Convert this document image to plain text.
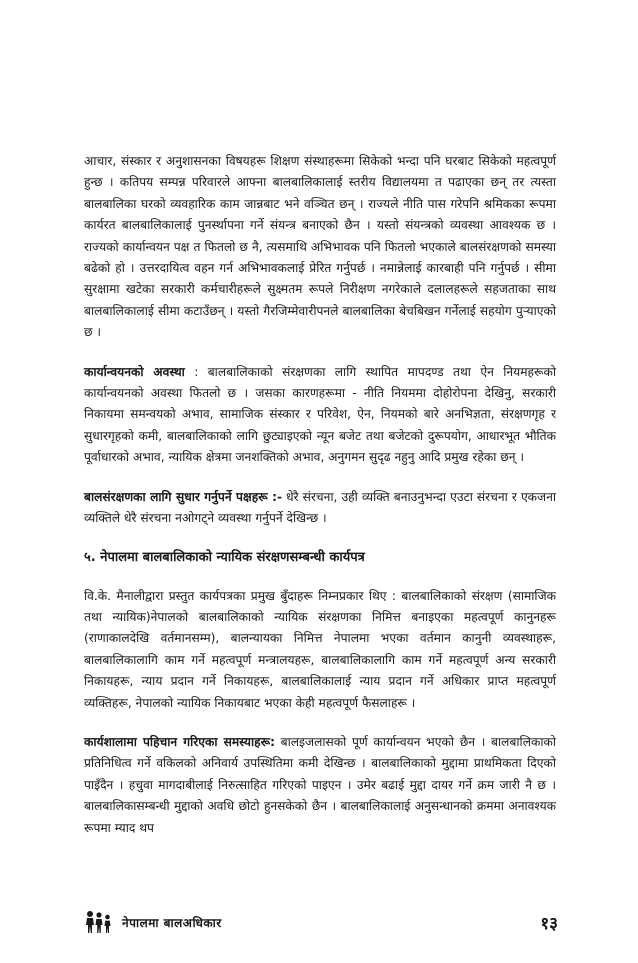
आचार, संस्कार र अनुशासनका विषयहरू शिक्षण संस्थाहरूमा सिकेको भन्दा पनि घरबाट सिकेको महत्वपूर्ण हुन्छ । कतिपय सम्पन्न परिवारले आफ्ना बालबालिकालाई स्तरीय विद्यालयमा त पढाएका छन् तर त्यस्ता बालबालिका घरको व्यवहारिक काम जान्नबाट भने वञ्चित छन् । राज्यले नीति पास गरेपनि श्रमिकका रूपमा कार्यरत बालबालिकालाई पुनर्स्थापना गर्ने संयन्त्र बनाएको छैन । यस्तो संयन्त्रको व्यवस्था आवश्यक छ । राज्यको कार्यान्वयन पक्ष त फितलो छ नै, त्यसमाथि अभिभावक पनि फितलो भएकाले बालसंरक्षणको समस्या बढेको हो । उत्तरदायित्व वहन गर्न अभिभावकलाई प्रेरित गर्नुपर्छ । नमान्नेलाई कारबाही पनि गर्नुपर्छ । सीमा सुरक्षामा खटेका सरकारी कर्मचारीहरूले सुक्ष्मतम रूपले निरीक्षण नगरेकाले दलालहरूले सहजताका साथ बालबालिकालाई सीमा कटाउँछन् । यस्तो गैरजिम्मेवारीपनले बालबालिका बेचबिखन गर्नेलाई सहयोग पुऱ्याएको छ ।

कार्यान्वयनको अवस्था : बालबालिकाको संरक्षणका लागि स्थापित मापदण्ड तथा ऐन नियमहरूको कार्यान्वयनको अवस्था फितलो छ । जसका कारणहरूमा - नीति नियममा दोहोरोपना देखिनु, सरकारी निकायमा समन्वयको अभाव, सामाजिक संस्कार र परिवेश, ऐन, नियमको बारे अनभिज्ञता, संरक्षणगृह र सुधारगृहको कमी, बालबालिकाको लागि छुट्याइएको न्यून बजेट तथा बजेटको दुरूपयोग, आधारभूत भौतिक पूर्वाधारको अभाव, न्यायिक क्षेत्रमा जनशक्तिको अभाव, अनुगमन सुदृढ नहुनु आदि प्रमुख रहेका छन् ।

बालसंरक्षणका लागि सुधार गर्नुपर्ने पक्षहरू :- धेरै संरचना, उही व्यक्ति बनाउनुभन्दा एउटा संरचना र एकजना व्यक्तिले धेरै संरचना नओगट्ने व्यवस्था गर्नुपर्ने देखिन्छ ।

५. नेपालमा बालबालिकाको न्यायिक संरक्षणसम्बन्धी कार्यपत्र

वि.के. मैनालीद्वारा प्रस्तुत कार्यपत्रका प्रमुख बुँदाहरू निम्नप्रकार थिए : बालबालिकाको संरक्षण (सामाजिक तथा न्यायिक)नेपालको बालबालिकाको न्यायिक संरक्षणका निमित्त बनाइएका महत्वपूर्ण कानुनहरू (राणाकालदेखि वर्तमानसम्म), बालन्यायका निमित्त नेपालमा भएका वर्तमान कानुनी व्यवस्थाहरू, बालबालिकालागि काम गर्ने महत्वपूर्ण मन्त्रालयहरू, बालबालिकालागि काम गर्ने महत्वपूर्ण अन्य सरकारी निकायहरू, न्याय प्रदान गर्ने निकायहरू, बालबालिकालाई न्याय प्रदान गर्ने अधिकार प्राप्त महत्वपूर्ण व्यक्तिहरू, नेपालको न्यायिक निकायबाट भएका केही महत्वपूर्ण फैसलाहरू ।

कार्यशालामा पहिचान गरिएका समस्याहरू: बालइजलासको पूर्ण कार्यान्वयन भएको छैन । बालबालिकाको प्रतिनिधित्व गर्ने वकिलको अनिवार्य उपस्थितिमा कमी देखिन्छ । बालबालिकाको मुद्दामा प्राथमिकता दिएको पाइँदैन । हचुवा मागदाबीलाई निरुत्साहित गरिएको पाइएन । उमेर बढाई मुद्दा दायर गर्ने क्रम जारी नै छ । बालबालिकासम्बन्धी मुद्दाको अवधि छोटो हुनसकेको छैन । बालबालिकालाई अनुसन्धानको क्रममा अनावश्यक रूपमा म्याद थप

नेपालमा बालअधिकार	१३
